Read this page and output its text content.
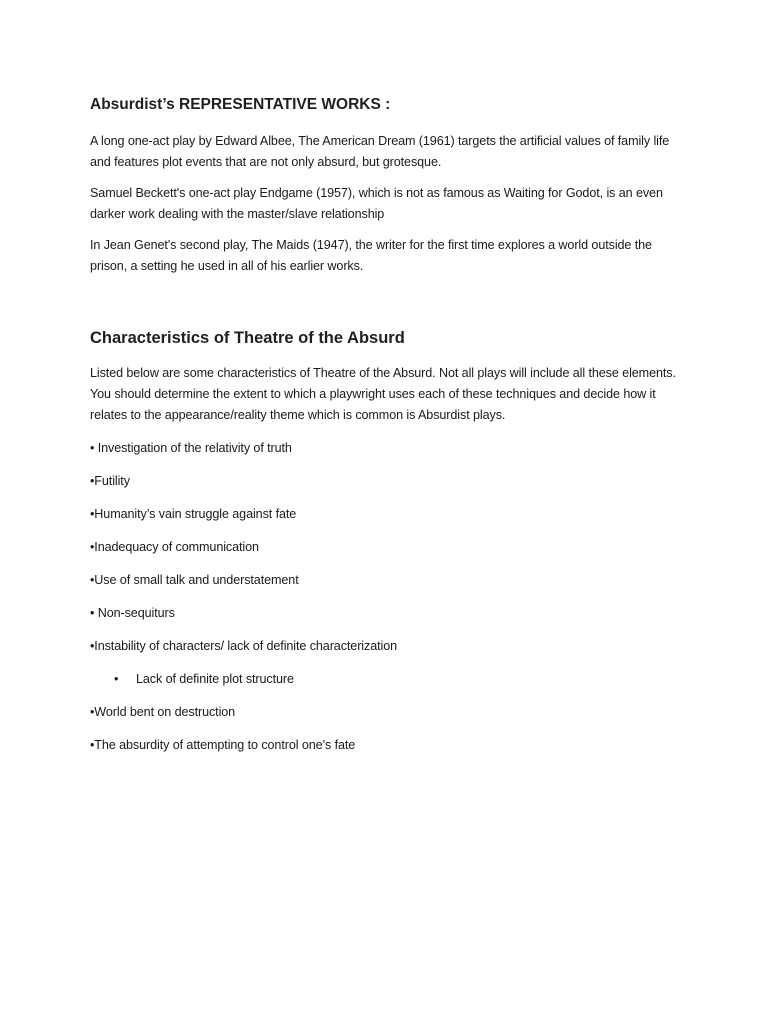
Absurdist’s REPRESENTATIVE WORKS :

A long one-act play by Edward Albee, The American Dream (1961) targets the artificial values of family life and features plot events that are not only absurd, but grotesque.

Samuel Beckett's one-act play Endgame (1957), which is not as famous as Waiting for Godot, is an even darker work dealing with the master/slave relationship

In Jean Genet's second play, The Maids (1947), the writer for the first time explores a world outside the prison, a setting he used in all of his earlier works.

Characteristics of Theatre of the Absurd

Listed below are some characteristics of Theatre of the Absurd. Not all plays will include all these elements. You should determine the extent to which a playwright uses each of these techniques and decide how it relates to the appearance/reality theme which is common is Absurdist plays.

• Investigation of the relativity of truth

•Futility

•Humanity’s vain struggle against fate

•Inadequacy of communication

•Use of small talk and understatement

• Non-sequiturs

•Instability of characters/ lack of definite characterization

•	Lack of definite plot structure

•World bent on destruction

•The absurdity of attempting to control one’s fate
